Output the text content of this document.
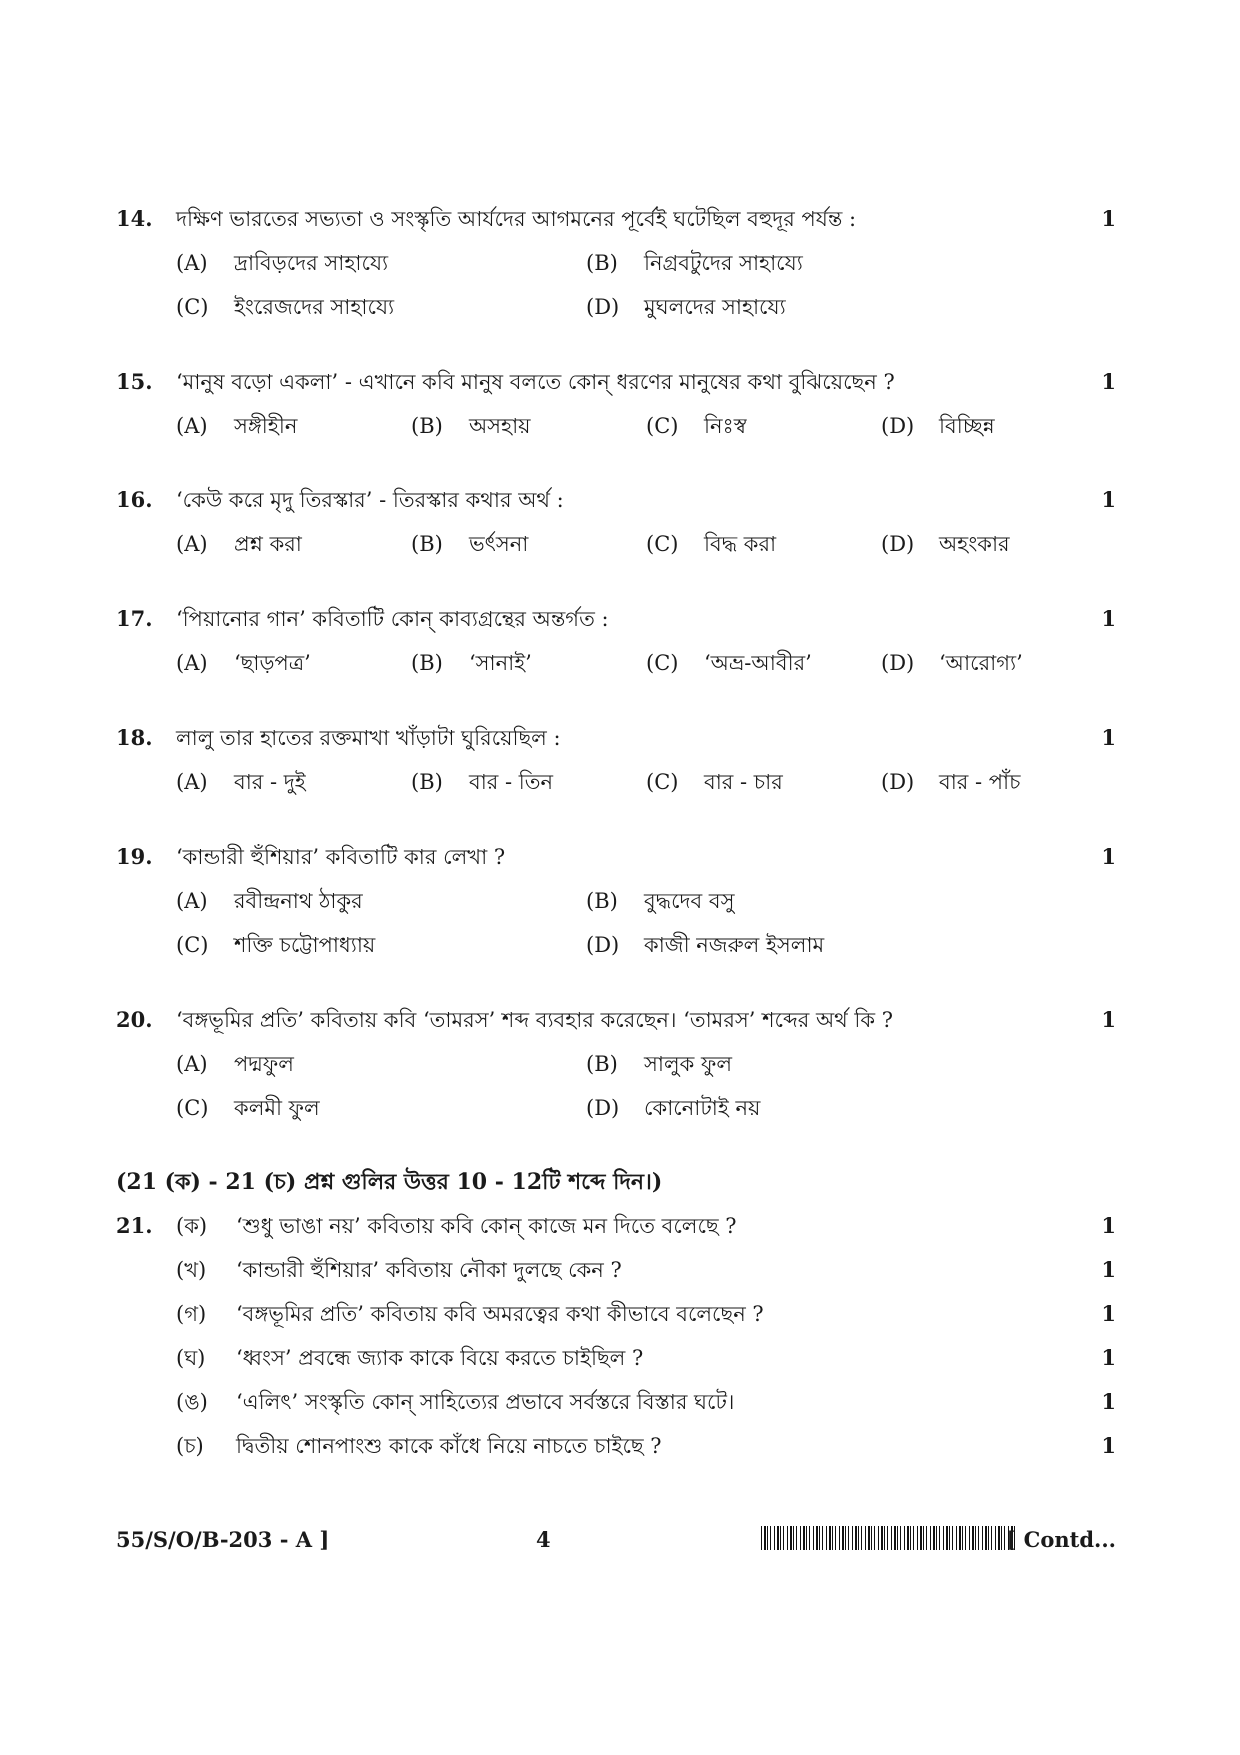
14. দক্ষিণ ভারতের সভ্যতা ও সংস্কৃতি আর্যদের আগমনের পূর্বেই ঘটেছিল বহুদূর পর্যন্ত :	1
(A) দ্রাবিড়দের সাহায্যে	(B) নিগ্রবটুদের সাহায্যে
(C) ইংরেজদের সাহায্যে	(D) মুঘলদের সাহায্যে
15. ‘মানুষ বড়ো একলা’ - এখানে কবি মানুষ বলতে কোন্ ধরণের মানুষের কথা বুঝিয়েছেন ?	1
(A) সঙ্গীহীন	(B) অসহায়	(C) নিঃস্ব	(D) বিচ্ছিন্ন
16. ‘কেউ করে মৃদু তিরস্কার’ - তিরস্কার কথার অর্থ :	1
(A) প্রশ্ন করা	(B) ভর্ৎসনা	(C) বিদ্ধ করা	(D) অহংকার
17. ‘পিয়ানোর গান’ কবিতাটি কোন্ কাব্যগ্রন্থের অন্তর্গত :	1
(A) ‘ছাড়পত্র’	(B) ‘সানাই’	(C) ‘অভ্র-আবীর’	(D) ‘আরোগ্য’
18. লালু তার হাতের রক্তমাখা খাঁড়াটা ঘুরিয়েছিল :	1
(A) বার - দুই	(B) বার - তিন	(C) বার - চার	(D) বার - পাঁচ
19. ‘কান্ডারী হুঁশিয়ার’ কবিতাটি কার লেখা ?	1
(A) রবীন্দ্রনাথ ঠাকুর	(B) বুদ্ধদেব বসু
(C) শক্তি চট্টোপাধ্যায়	(D) কাজী নজরুল ইসলাম
20. ‘বঙ্গভূমির প্রতি’ কবিতায় কবি ‘তামরস’ শব্দ ব্যবহার করেছেন। ‘তামরস’ শব্দের অর্থ কি ?	1
(A) পদ্মফুল	(B) সালুক ফুল
(C) কলমী ফুল	(D) কোনোটাই নয়
(21 (ক) - 21 (চ) প্রশ্ন গুলির উত্তর 10 - 12টি শব্দে দিন।)
21. (ক) ‘শুধু ভাঙা নয়’ কবিতায় কবি কোন্ কাজে মন দিতে বলেছে ?	1
(খ) ‘কান্ডারী হুঁশিয়ার’ কবিতায় নৌকা দুলছে কেন ?	1
(গ) ‘বঙ্গভূমির প্রতি’ কবিতায় কবি অমরত্বের কথা কীভাবে বলেছেন ?	1
(ঘ) ‘ধ্বংস’ প্রবন্ধে জ্যাক কাকে বিয়ে করতে চাইছিল ?	1
(ঙ) ‘এলিৎ’ সংস্কৃতি কোন্ সাহিত্যের প্রভাবে সর্বস্তরে বিস্তার ঘটে।	1
(চ) দ্বিতীয় শোনপাংশু কাকে কাঁধে নিয়ে নাচতে চাইছে ?	1
55/S/O/B-203 - A ]	4	[ Contd...
